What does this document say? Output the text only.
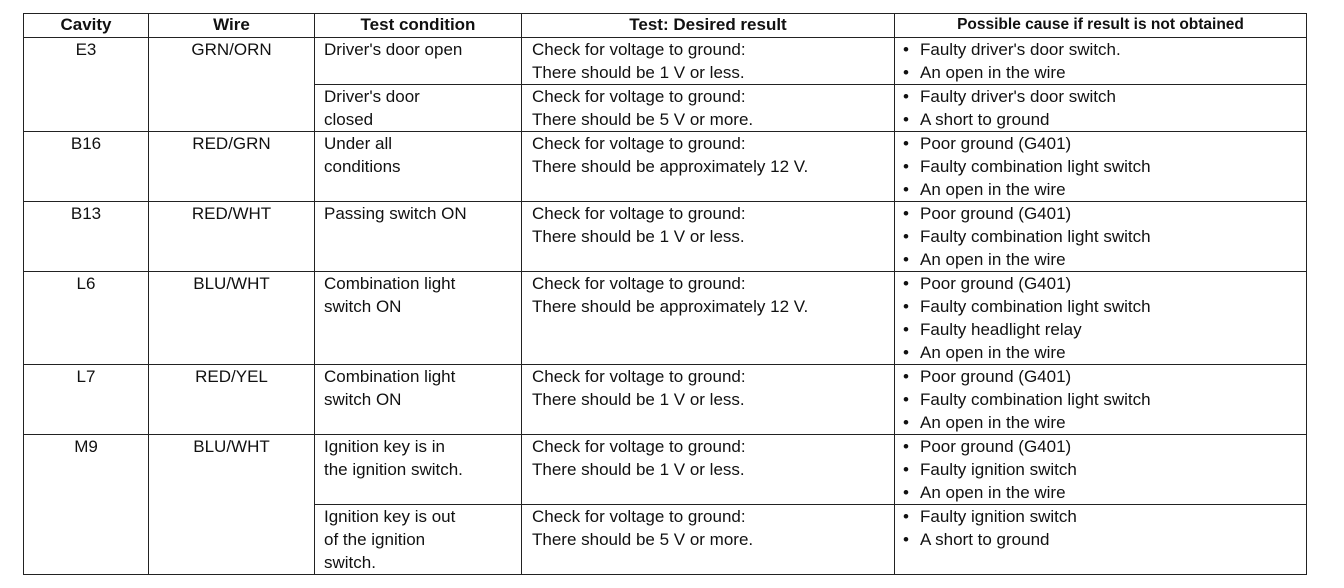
Cavity	Wire	Test condition	Test: Desired result	Possible cause if result is not obtained

E3	GRN/ORN	Driver's door open	Check for voltage to ground:
There should be 1 V or less.	• Faulty driver's door switch.
• An open in the wire

		Driver's door
closed	Check for voltage to ground:
There should be 5 V or more.	• Faulty driver's door switch
• A short to ground

B16	RED/GRN	Under all
conditions	Check for voltage to ground:
There should be approximately 12 V.	• Poor ground (G401)
• Faulty combination light switch
• An open in the wire

B13	RED/WHT	Passing switch ON	Check for voltage to ground:
There should be 1 V or less.	• Poor ground (G401)
• Faulty combination light switch
• An open in the wire

L6	BLU/WHT	Combination light
switch ON	Check for voltage to ground:
There should be approximately 12 V.	• Poor ground (G401)
• Faulty combination light switch
• Faulty headlight relay
• An open in the wire

L7	RED/YEL	Combination light
switch ON	Check for voltage to ground:
There should be 1 V or less.	• Poor ground (G401)
• Faulty combination light switch
• An open in the wire

M9	BLU/WHT	Ignition key is in
the ignition switch.	Check for voltage to ground:
There should be 1 V or less.	• Poor ground (G401)
• Faulty ignition switch
• An open in the wire

		Ignition key is out
of the ignition
switch.	Check for voltage to ground:
There should be 5 V or more.	• Faulty ignition switch
• A short to ground
